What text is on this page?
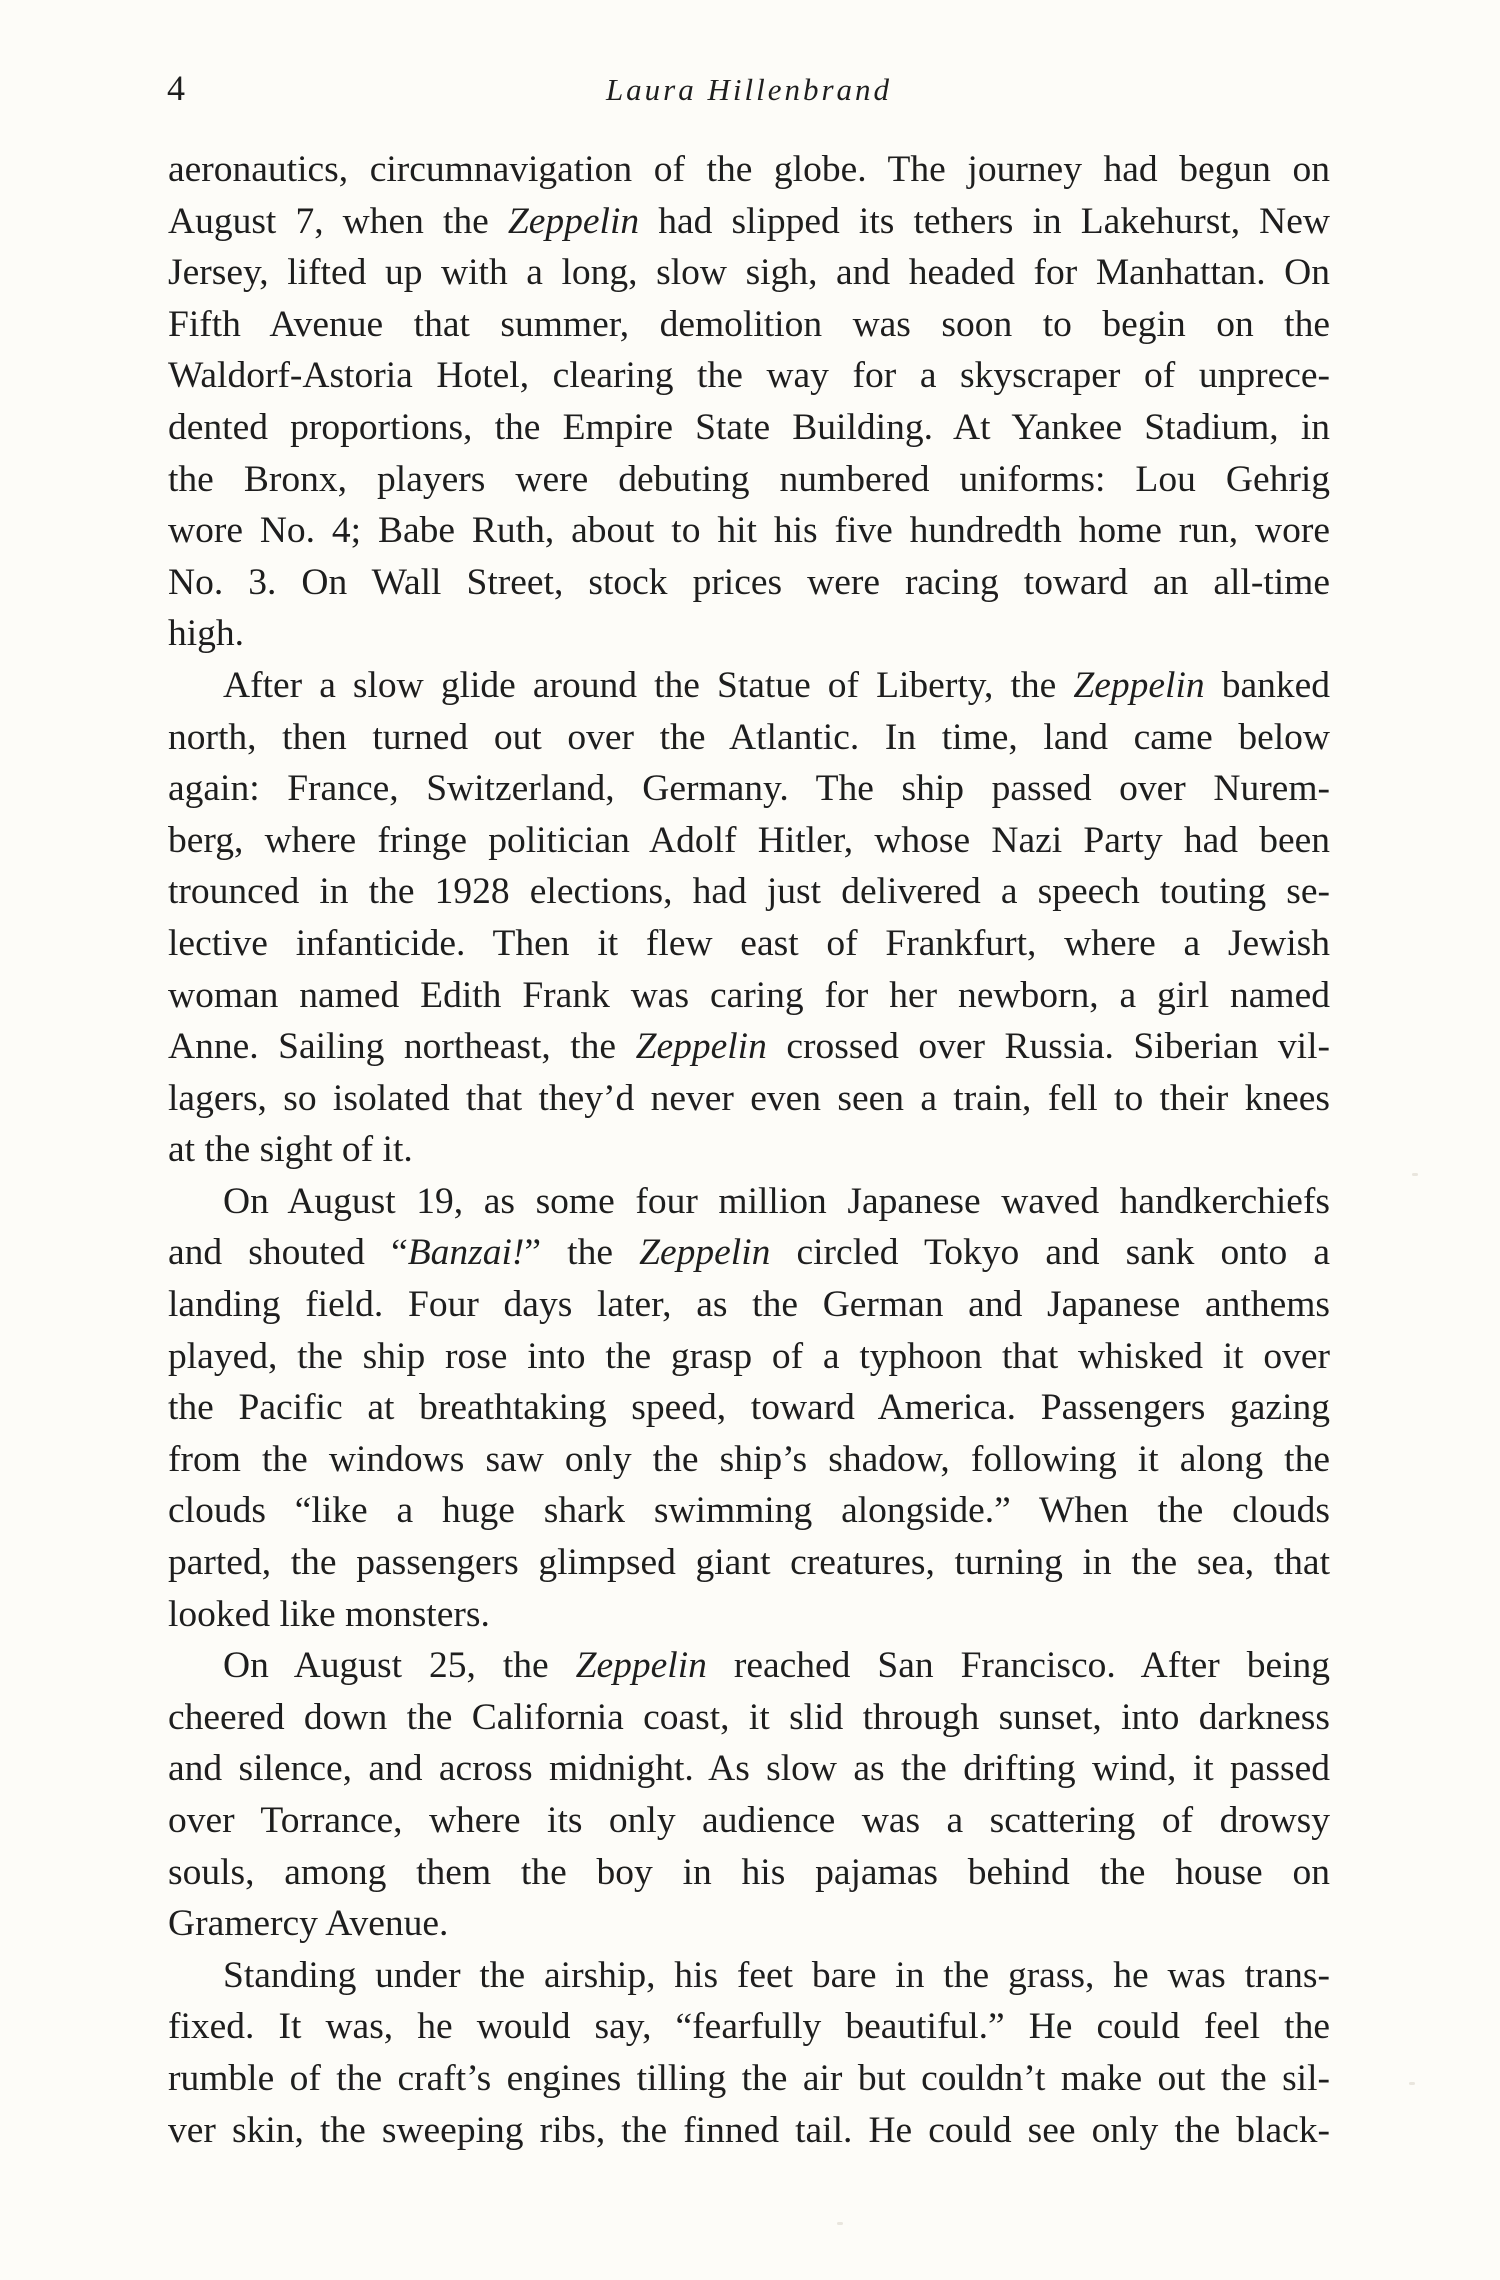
4	Laura Hillenbrand
aeronautics, circumnavigation of the globe. The journey had begun on
August 7, when the Zeppelin had slipped its tethers in Lakehurst, New
Jersey, lifted up with a long, slow sigh, and headed for Manhattan. On
Fifth Avenue that summer, demolition was soon to begin on the
Waldorf-Astoria Hotel, clearing the way for a skyscraper of unprece-
dented proportions, the Empire State Building. At Yankee Stadium, in
the Bronx, players were debuting numbered uniforms: Lou Gehrig
wore No. 4; Babe Ruth, about to hit his five hundredth home run, wore
No. 3. On Wall Street, stock prices were racing toward an all-time
high.
After a slow glide around the Statue of Liberty, the Zeppelin banked
north, then turned out over the Atlantic. In time, land came below
again: France, Switzerland, Germany. The ship passed over Nurem-
berg, where fringe politician Adolf Hitler, whose Nazi Party had been
trounced in the 1928 elections, had just delivered a speech touting se-
lective infanticide. Then it flew east of Frankfurt, where a Jewish
woman named Edith Frank was caring for her newborn, a girl named
Anne. Sailing northeast, the Zeppelin crossed over Russia. Siberian vil-
lagers, so isolated that they’d never even seen a train, fell to their knees
at the sight of it.
On August 19, as some four million Japanese waved handkerchiefs
and shouted “Banzai!” the Zeppelin circled Tokyo and sank onto a
landing field. Four days later, as the German and Japanese anthems
played, the ship rose into the grasp of a typhoon that whisked it over
the Pacific at breathtaking speed, toward America. Passengers gazing
from the windows saw only the ship’s shadow, following it along the
clouds “like a huge shark swimming alongside.” When the clouds
parted, the passengers glimpsed giant creatures, turning in the sea, that
looked like monsters.
On August 25, the Zeppelin reached San Francisco. After being
cheered down the California coast, it slid through sunset, into darkness
and silence, and across midnight. As slow as the drifting wind, it passed
over Torrance, where its only audience was a scattering of drowsy
souls, among them the boy in his pajamas behind the house on
Gramercy Avenue.
Standing under the airship, his feet bare in the grass, he was trans-
fixed. It was, he would say, “fearfully beautiful.” He could feel the
rumble of the craft’s engines tilling the air but couldn’t make out the sil-
ver skin, the sweeping ribs, the finned tail. He could see only the black-
